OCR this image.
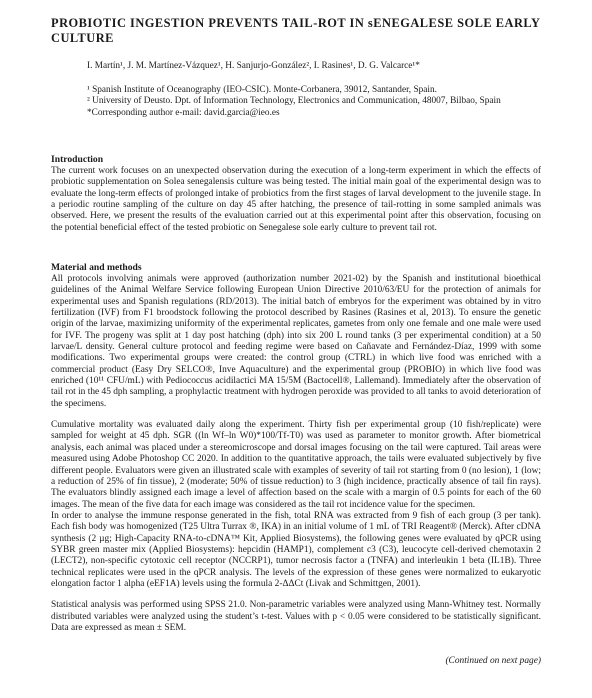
PROBIOTIC INGESTION PREVENTS TAIL-ROT IN sENEGALESE SOLE EARLY CULTURE
I. Martín¹, J. M. Martínez-Vázquez¹, H. Sanjurjo-González², I. Rasines¹, D. G. Valcarce¹*
¹ Spanish Institute of Oceanography (IEO-CSIC). Monte-Corbanera, 39012, Santander, Spain.
² University of Deusto. Dpt. of Information Technology, Electronics and Communication, 48007, Bilbao, Spain
*Corresponding author e-mail: david.garcia@ieo.es
Introduction

The current work focuses on an unexpected observation during the execution of a long-term experiment in which the effects of probiotic supplementation on Solea senegalensis culture was being tested. The initial main goal of the experimental design was to evaluate the long-term effects of prolonged intake of probiotics from the first stages of larval development to the juvenile stage. In a periodic routine sampling of the culture on day 45 after hatching, the presence of tail-rotting in some sampled animals was observed. Here, we present the results of the evaluation carried out at this experimental point after this observation, focusing on the potential beneficial effect of the tested probiotic on Senegalese sole early culture to prevent tail rot.

Material and methods

All protocols involving animals were approved (authorization number 2021-02) by the Spanish and institutional bioethical guidelines of the Animal Welfare Service following European Union Directive 2010/63/EU for the protection of animals for experimental uses and Spanish regulations (RD/2013). The initial batch of embryos for the experiment was obtained by in vitro fertilization (IVF) from F1 broodstock following the protocol described by Rasines (Rasines et al, 2013). To ensure the genetic origin of the larvae, maximizing uniformity of the experimental replicates, gametes from only one female and one male were used for IVF. The progeny was split at 1 day post hatching (dph) into six 200 L round tanks (3 per experimental condition) at a 50 larvae/L density. General culture protocol and feeding regime were based on Cañavate and Fernández-Díaz, 1999 with some modifications. Two experimental groups were created: the control group (CTRL) in which live food was enriched with a commercial product (Easy Dry SELCO®, Inve Aquaculture) and the experimental group (PROBIO) in which live food was enriched (10¹¹ CFU/mL) with Pediococcus acidilactici MA 15/5M (Bactocell®, Lallemand). Immediately after the observation of tail rot in the 45 dph sampling, a prophylactic treatment with hydrogen peroxide was provided to all tanks to avoid deterioration of the specimens.

Cumulative mortality was evaluated daily along the experiment. Thirty fish per experimental group (10 fish/replicate) were sampled for weight at 45 dph. SGR ((ln Wf–ln W0)*100/Tf-T0) was used as parameter to monitor growth. After biometrical analysis, each animal was placed under a stereomicroscope and dorsal images focusing on the tail were captured. Tail areas were measured using Adobe Photoshop CC 2020. In addition to the quantitative approach, the tails were evaluated subjectively by five different people. Evaluators were given an illustrated scale with examples of severity of tail rot starting from 0 (no lesion), 1 (low; a reduction of 25% of fin tissue), 2 (moderate; 50% of tissue reduction) to 3 (high incidence, practically absence of tail fin rays). The evaluators blindly assigned each image a level of affection based on the scale with a margin of 0.5 points for each of the 60 images. The mean of the five data for each image was considered as the tail rot incidence value for the specimen.

In order to analyse the immune response generated in the fish, total RNA was extracted from 9 fish of each group (3 per tank). Each fish body was homogenized (T25 Ultra Turrax ®, IKA) in an initial volume of 1 mL of TRI Reagent® (Merck). After cDNA synthesis (2 µg; High-Capacity RNA-to-cDNA™ Kit, Applied Biosystems), the following genes were evaluated by qPCR using SYBR green master mix (Applied Biosystems): hepcidin (HAMP1), complement c3 (C3), leucocyte cell-derived chemotaxin 2 (LECT2), non-specific cytotoxic cell receptor (NCCRP1), tumor necrosis factor a (TNFA) and interleukin 1 beta (IL1B). Three technical replicates were used in the qPCR analysis. The levels of the expression of these genes were normalized to eukaryotic elongation factor 1 alpha (eEF1A) levels using the formula 2-ΔΔCt (Livak and Schmittgen, 2001).

Statistical analysis was performed using SPSS 21.0. Non-parametric variables were analyzed using Mann-Whitney test. Normally distributed variables were analyzed using the student’s t-test. Values with p < 0.05 were considered to be statistically significant. Data are expressed as mean ± SEM.

(Continued on next page)
